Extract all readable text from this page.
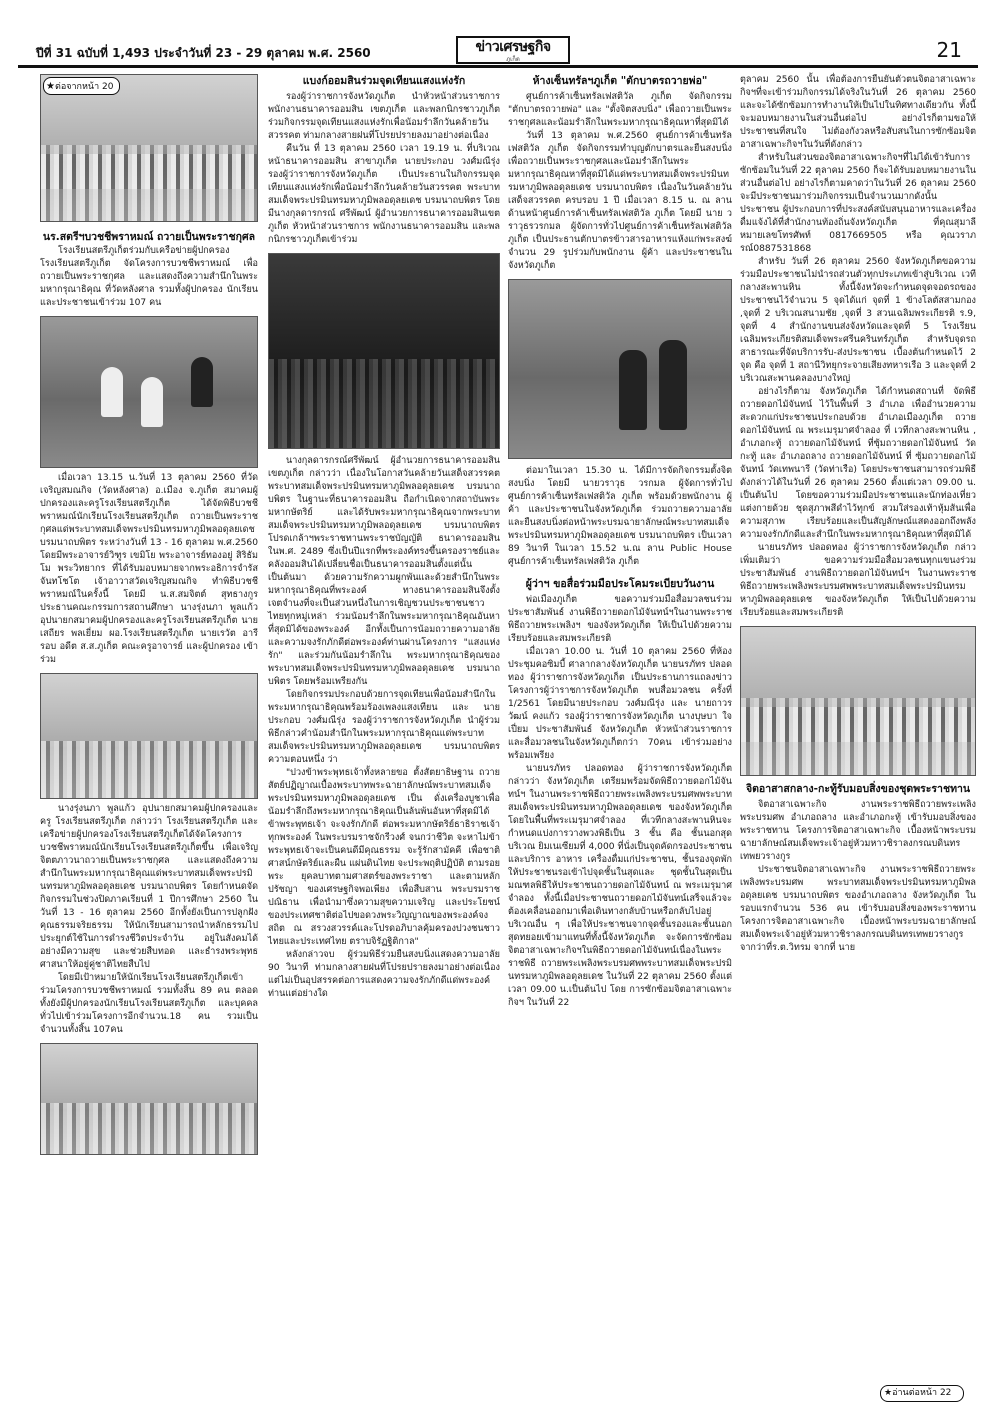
ปีที่ 31 ฉบับที่ 1,493 ประจำวันที่ 23 - 29 ตุลาคม พ.ศ. 2560	ข่าวเศรษฐกิจ
ภูเก็ต	21
★ต่อจากหน้า 20
นร.สตรีฯบวชชีพราหมณ์ ถวายเป็นพระราชกุศล

โรงเรียนสตรีภูเก็ตร่วมกับเครือข่ายผู้ปกครองโรงเรียนสตรีภูเก็ต จัดโครงการบวชชีพราหมณ์ เพื่อถวายเป็นพระราชกุศล และแสดงถึงความสำนึกในพระมหากรุณาธิคุณ ที่วัดหลังศาล รวมทั้งผู้ปกครอง นักเรียน และประชาชนเข้าร่วม 107 คน

เมื่อเวลา 13.15 น.วันที่ 13 ตุลาคม 2560 ที่วัดเจริญสมณกิจ (วัดหลังศาล) อ.เมือง จ.ภูเก็ต สมาคมผู้ปกครองและครูโรงเรียนสตรีภูเก็ต ได้จัดพิธีบวชชีพราหมณ์นักเรียนโรงเรียนสตรีภูเก็ต ถวายเป็นพระราชกุศลแด่พระบาทสมเด็จพระปรมินทรมหาภูมิพลอดุลยเดช บรมนาถบพิตร ระหว่างวันที่ 13 - 16 ตุลาคม พ.ศ.2560 โดยมีพระอาจารย์วิฑูร เขมิโย พระอาจารย์ทองอยู่ สิริธัมโม พระวิทยากร ที่ได้รับมอบหมายจากพระอธิการจำรัส จันทโชโต เจ้าอาวาสวัดเจริญสมณกิจ ทำพิธีบวชชีพราหมณ์ในครั้งนี้ โดยมี น.ส.สมจิตต์ สุทธางกูร ประธานคณะกรรมการสถานศึกษา นางรุ่งนภา พูลแก้ว อุปนายกสมาคมผู้ปกครองและครูโรงเรียนสตรีภูเก็ต นายเสถียร พลเยี่ยม ผอ.โรงเรียนสตรีภูเก็ต นายเรวัต อารีรอบ อดีต ส.ส.ภูเก็ต คณะครูอาจารย์ และผู้ปกครอง เข้าร่วม

นางรุ่งนภา พูลแก้ว อุปนายกสมาคมผู้ปกครองและครู โรงเรียนสตรีภูเก็ต กล่าวว่า โรงเรียนสตรีภูเก็ต และเครือข่ายผู้ปกครองโรงเรียนสตรีภูเก็ตได้จัดโครงการบวชชีพราหมณ์นักเรียนโรงเรียนสตรีภูเก็ตขึ้น เพื่อเจริญจิตตภาวนาถวายเป็นพระราชกุศล และแสดงถึงความสำนึกในพระมหากรุณาธิคุณแด่พระบาทสมเด็จพระปรมินทรมหาภูมิพลอดุลยเดช บรมนาถบพิตร โดยกำหนดจัดกิจกรรมในช่วงปิดภาคเรียนที่ 1 ปีการศึกษา 2560 ในวันที่ 13 - 16 ตุลาคม 2560 อีกทั้งยังเป็นการปลูกฝังคุณธรรมจริยธรรม ให้นักเรียนสามารถนำหลักธรรมไปประยุกต์ใช้ในการดำรงชีวิตประจำวัน อยู่ในสังคมได้อย่างมีความสุข และช่วยสืบทอด และธำรงพระพุทธศาสนาให้อยู่คู่ชาติไทยสืบไป

โดยมีเป้าหมายให้นักเรียนโรงเรียนสตรีภูเก็ตเข้าร่วมโครงการบวชชีพราหมณ์ รวมทั้งสิ้น 89 คน ตลอดทั้งยังมีผู้ปกครองนักเรียนโรงเรียนสตรีภูเก็ต และบุคคลทั่วไปเข้าร่วมโครงการอีกจำนวน.18 คน รวมเป็นจำนวนทั้งสิ้น 107คน

แบงก์ออมสินร่วมจุดเทียนแสงแห่งรัก

รองผู้ว่าราชการจังหวัดภูเก็ต นำหัวหน้าส่วนราชการ พนักงานธนาคารออมสิน เขตภูเก็ต และพลกนิกรชาวภูเก็ตร่วมกิจกรรมจุดเทียนแสงแห่งรักเพื่อน้อมรำลึกวันคล้ายวันสวรรคต ท่ามกลางสายฝนที่โปรยปรายลงมาอย่างต่อเนื่อง

คืนวัน ที่ 13 ตุลาคม 2560 เวลา 19.19 น. ที่บริเวณหน้าธนาคารออมสิน สาขาภูเก็ต นายประกอบ วงศ์มณีรุ่ง รองผู้ว่าราชการจังหวัดภูเก็ต เป็นประธานในกิจกรรมจุดเทียนแสงแห่งรักเพื่อน้อมรำลึกวันคล้ายวันสวรรคต พระบาทสมเด็จพระปรมินทรมหาภูมิพลอดุลยเดช บรมนาถบพิตร โดยมีนางกุลดารกรณ์ ศรีพัฒน์ ผู้อำนวยการธนาคารออมสินเขตภูเก็ต หัวหน้าส่วนราชการ พนักงานธนาคารออมสิน และพลกนิกรชาวภูเก็ตเข้าร่วม

นางกุลดารกรณ์ศรีพัฒน์ ผู้อำนวยการธนาคารออมสินเขตภูเก็ต กล่าวว่า เนื่องในโอกาสวันคล้ายวันเสด็จสวรรคตพระบาทสมเด็จพระปรมินทรมหาภูมิพลอดุลยเดช บรมนาถบพิตร ในฐานะที่ธนาคารออมสิน ถือกำเนิดจากสถาบันพระมหากษัตริย์ และได้รับพระมหากรุณาธิคุณจากพระบาทสมเด็จพระปรมินทรมหาภูมิพลอดุลยเดช บรมนาถบพิตรโปรดเกล้าฯพระราชทานพระราชบัญญัติ ธนาคารออมสิน ในพ.ศ. 2489 ซึ่งเป็นปีแรกที่พระองค์ทรงขึ้นครองราชย์และคลังออมสินได้เปลี่ยนชื่อเป็นธนาคารออมสินตั้งแต่นั้น เป็นต้นมา ด้วยความรักความผูกพันและด้วยสำนึกในพระมหากรุณาธิคุณที่พระองค์ ทางธนาคารออมสินจึงตั้งเจตจำนงที่จะเป็นส่วนหนึ่งในการเชิญชวนประชาชนชาวไทยทุกหมู่เหล่า ร่วมน้อมรำลึกในพระมหากรุณาธิคุณอันหาที่สุดมิได้ของพระองค์ อีกทั้งเป็นการน้อมถวายความอาลัย และความจงรักภักดีต่อพระองค์ท่านผ่านโครงการ "แสงแห่งรัก" และร่วมกันน้อมรำลึกใน พระมหากรุณาธิคุณของพระบาทสมเด็จพระปรมินทรมหาภูมิพลอดุลยเดช บรมนาถบพิตร โดยพร้อมเพรียงกัน

โดยกิจกรรมประกอบด้วยการจุดเทียนเพื่อน้อมสำนึกในพระมหากรุณาธิคุณพร้อมร้องเพลงแสงเทียน และ นายประกอบ วงศ์มณีรุ่ง รองผู้ว่าราชการจังหวัดภูเก็ต นำผู้ร่วมพิธีกล่าวคำน้อมสำนึกในพระมหากรุณาธิคุณแด่พระบาทสมเด็จพระปรมินทรมหาภูมิพลอดุลยเดช บรมนาถบพิตร ความตอนหนึ่ง ว่า

"ปวงข้าพระพุทธเจ้าทั้งหลายขอ ตั้งสัตยาธิษฐาน ถวายสัตย์ปฏิญาณเบื้องพระบาทพระฉายาลักษณ์พระบาทสมเด็จ พระปรมินทรมหาภูมิพลอดุลยเดช เป็น ดั่งเครื่องบูชาเพื่อน้อมรำลึกถึงพระมหากรุณาธิคุณเป็นล้นพ้นอันหาที่สุดมิได้ ข้าพระพุทธเจ้า จะจงรักภักดี ต่อพระมหากษัตริย์ธาธิราชเจ้า ทุกพระองค์ ในพระบรมราชจักรีวงศ์ จนกว่าชีวิต จะหาไม่ข้าพระพุทธเจ้าจะเป็นคนดีมีคุณธรรม จะรู้รักสามัคคี เพื่อชาติศาสน์กษัตริย์และผืน แผ่นดินไทย จะประพฤติปฏิบัติ ตามรอยพระ ยุคลบาทตามศาสตร์ของพระราชา และตามหลัก ปรัชญา ของเศรษฐกิจพอเพียง เพื่อสืบสาน พระบรมราชปณิธาน เพื่อนำมาซึ่งความสุขความเจริญ และประโยชน์ของประเทศชาติต่อไปขอดวงพระวิญญาณของพระองค์จงสถิต ณ สรวงสวรรค์และโปรดอภิบาลคุ้มครองปวงชนชาวไทยและประเทศไทย ตราบจิรัฏฐิติกาล"

หลังกล่าวจบ ผู้ร่วมพิธีร่วมยืนสงบนิ่งแสดงความอาลัย 90 วินาที ท่ามกลางสายฝนที่โปรยปรายลงมาอย่างต่อเนื่องแต่ไม่เป็นอุปสรรคต่อการแสดงความจงรักภักดีแด่พระองค์ท่านแต่อย่างใด

ห้างเซ็นทรัลฯภูเก็ต "ตักบาตรถวายพ่อ"

ศูนย์การค้าเซ็นทรัลเฟสติวัล ภูเก็ต จัดกิจกรรม "ตักบาตรถวายพ่อ" และ "ตั้งจิตสงบนิ่ง" เพื่อถวายเป็นพระราชกุศลและน้อมรำลึกในพระมหากรุณาธิคุณหาที่สุดมิได้

วันที่ 13 ตุลาคม พ.ศ.2560 ศูนย์การค้าเซ็นทรัลเฟสติวัล ภูเก็ต จัดกิจกรรมทำบุญตักบาตรและยืนสงบนิ่งเพื่อถวายเป็นพระราชกุศลและน้อมรำลึกในพระมหากรุณาธิคุณหาที่สุดมิได้แด่พระบาทสมเด็จพระปรมินทรมหาภูมิพลอดุลยเดช บรมนาถบพิตร เนื่องในวันคล้ายวันเสด็จสวรรคต ครบรอบ 1 ปี เมื่อเวลา 8.15 น. ณ ลานด้านหน้าศูนย์การค้าเซ็นทรัลเฟสติวัล ภูเก็ต โดยมี นาย วราวุธรวรกมล ผู้จัดการทั่วไปศูนย์การค้าเซ็นทรัลเฟสติวัล ภูเก็ต เป็นประธานตักบาตรข้าวสารอาหารแห้งแก่พระสงฆ์จำนวน 29 รูปร่วมกับพนักงาน ผู้ค้า และประชาชนในจังหวัดภูเก็ต

ต่อมาในเวลา 15.30 น. ได้มีการจัดกิจกรรมตั้งจิตสงบนิ่ง โดยมี นายวราวุธ วรกมล ผู้จัดการทั่วไป ศูนย์การค้าเซ็นทรัลเฟสติวัล ภูเก็ต พร้อมด้วยพนักงาน ผู้ค้า และประชาชนในจังหวัดภูเก็ต ร่วมถวายความอาลัย และยืนสงบนิ่งต่อหน้าพระบรมฉายาลักษณ์พระบาทสมเด็จพระปรมินทรมหาภูมิพลอดุลยเดช บรมนาถบพิตร เป็นเวลา 89 วินาที ในเวลา 15.52 น.ณ ลาน Public House ศูนย์การค้าเซ็นทรัลเฟสติวัล ภูเก็ต

ผู้ว่าฯ ขอสื่อร่วมมือประโคมระเบียบวันงาน

พ่อเมืองภูเก็ต ขอความร่วมมือสื่อมวลชนร่วมประชาสัมพันธ์ งานพิธีถวายดอกไม้จันทน์ฯในงานพระราชพิธีถวายพระเพลิงฯ ของจังหวัดภูเก็ต ให้เป็นไปด้วยความเรียบร้อยและสมพระเกียรติ

เมื่อเวลา 10.00 น. วันที่ 10 ตุลาคม 2560 ที่ห้องประชุมคอซิมบี้ ศาลากลางจังหวัดภูเก็ต นายนรภัทร ปลอดทอง ผู้ว่าราชการจังหวัดภูเก็ต เป็นประธานการแถลงข่าวโครงการผู้ว่าราชการจังหวัดภูเก็ต พบสื่อมวลชน ครั้งที่ 1/2561 โดยมีนายประกอบ วงศ์มณีรุ่ง และ นายถาวรวัฒน์ คงแก้ว รองผู้ว่าราชการจังหวัดภูเก็ต นางบุษบา ใจเปี่ยม ประชาสัมพันธ์ จังหวัดภูเก็ต หัวหน้าส่วนราชการและสื่อมวลชนในจังหวัดภูเก็ตกว่า 70คน เข้าร่วมอย่างพร้อมเพรียง

นายนรภัทร ปลอดทอง ผู้ว่าราชการจังหวัดภูเก็ต กล่าวว่า จังหวัดภูเก็ต เตรียมพร้อมจัดพิธีถวายดอกไม้จันทน์ฯ ในงานพระราชพิธีถวายพระเพลิงพระบรมศพพระบาทสมเด็จพระปรมินทรมหาภูมิพลอดุลยเดช ของจังหวัดภูเก็ต โดยในพื้นที่พระเมรุมาศจำลอง ที่เวทีกลางสะพานหินจะกำหนดแบ่งการวางพวงพิธีเป็น 3 ชั้น คือ ชั้นนอกสุดบริเวณ ยิมเนเซียมที่ 4,000 ที่นั่งเป็นจุดคัดกรองประชาชนและบริการ อาหาร เครื่องดื่มแก่ประชาชน, ชั้นรองจุดพักให้ประชาชนรอเข้าไปจุดชั้นในสุดและ ชุดชั้นในสุดเป็นมณฑลพิธีให้ประชาชนถวายดอกไม้จันทน์ ณ พระเมรุมาศจำลอง ทั้งนี้เมื่อประชาชนถวายดอกไม้จันทน์เสร็จแล้วจะต้องเคลื่อนออกมาเพื่อเดินทางกลับบ้านหรือกลับไปอยู่บริเวณอื่น ๆ เพื่อให้ประชาชนจากจุดชั้นรองและชั้นนอกสุดทยอยเข้ามาแทนที่ทั้งนี้จังหวัดภูเก็ต จะจัดการซักซ้อมจิตอาสาเฉพาะกิจฯในพิธีถวายดอกไม้จันทน์เนื่องในพระราชพิธี ถวายพระเพลิงพระบรมศพพระบาทสมเด็จพระปรมินทรมหาภูมิพลอดุลยเดช ในวันที่ 22 ตุลาคม 2560 ตั้งแต่เวลา 09.00 น.เป็นต้นไป โดย การซักซ้อมจิตอาสาเฉพาะกิจฯ ในวันที่ 22

ตุลาคม 2560 นั้น เพื่อต้องการยืนยันตัวตนจิตอาสาเฉพาะกิจฯที่จะเข้าร่วมกิจกรรมได้จริงในวันที่ 26 ตุลาคม 2560 และจะได้ซักซ้อมการทำงานให้เป็นไปในทิศทางเดียวกัน ทั้งนี้จะมอบหมายงานในส่วนอื่นต่อไป อย่างไรก็ตามขอให้ประชาชนที่สนใจ ไม่ต้องกังวลหรือสับสนในการซักซ้อมจิตอาสาเฉพาะกิจฯในวันที่ดังกล่าว

สำหรับในส่วนของจิตอาสาเฉพาะกิจฯที่ไม่ได้เข้ารับการซักซ้อมในวันที่ 22 ตุลาคม 2560 ก็จะได้รับมอบหมายงานในส่วนอื่นต่อไป อย่างไรก็ตามคาดว่าในวันที่ 26 ตุลาคม 2560 จะมีประชาชนมาร่วมกิจกรรมเป็นจำนวนมากดังนั้นประชาชน ผู้ประกอบการที่ประสงค์สนับสนุนอาหารและเครื่องดื่มแจ้งได้ที่สำนักงานท้องถิ่นจังหวัดภูเก็ต ที่คุณสุมาลี หมายเลขโทรศัพท์ 0817669505 หรือ คุณวราภรณ์0887531868

สำหรับ วันที่ 26 ตุลาคม 2560 จังหวัดภูเก็ตขอความร่วมมือประชาชนไม่นำรถส่วนตัวทุกประเภทเข้าสู่บริเวณ เวทีกลางสะพานหิน ทั้งนี้จังหวัดจะกำหนดจุดจอดรถของประชาชนไว้จำนวน 5 จุดได้แก่ จุดที่ 1 ข้างโลตัสสามกอง ,จุดที่ 2 บริเวณสนามชัย ,จุดที่ 3 สวนเฉลิมพระเกียรติ ร.9, จุดที่ 4 สำนักงานขนส่งจังหวัดและจุดที่ 5 โรงเรียนเฉลิมพระเกียรติสมเด็จพระศรีนครินทร์ภูเก็ต สำหรับจุดรถสาธารณะที่จัดบริการรับ-ส่งประชาชน เบื้องต้นกำหนดไว้ 2 จุด คือ จุดที่ 1 สถานีวิทยุกระจายเสียงทหารเรือ 3 และจุดที่ 2 บริเวณสะพานคลองบางใหญ่

อย่างไรก็ตาม จังหวัดภูเก็ต ได้กำหนดสถานที่ จัดพิธีถวายดอกไม้จันทน์ ไว้ในพื้นที่ 3 อำเภอ เพื่ออำนวยความสะดวกแก่ประชาชนประกอบด้วย อำเภอเมืองภูเก็ต ถวายดอกไม้จันทน์ ณ พระเมรุมาศจำลอง ที่ เวทีกลางสะพานหิน , อำเภอกะทู้ ถวายดอกไม้จันทน์ ที่ซุ้มถวายดอกไม้จันทน์ วัดกะทู้ และ อำเภอถลาง ถวายดอกไม้จันทน์ ที่ ซุ้มถวายดอกไม้จันทน์ วัดเทพนารี (วัดท่าเรือ) โดยประชาชนสามารถร่วมพิธีดังกล่าวได้ในวันที่ 26 ตุลาคม 2560 ตั้งแต่เวลา 09.00 น. เป็นต้นไป โดยขอความร่วมมือประชาชนและนักท่องเที่ยวแต่งกายด้วย ชุดสุภาพสีดำไว้ทุกข์ สวมใส่รองเท้าหุ้มส้นเพื่อความสุภาพ เรียบร้อยและเป็นสัญลักษณ์แสดงออกถึงพลังความจงรักภักดีและสำนึกในพระมหากรุณาธิคุณหาที่สุดมิได้

นายนรภัทร ปลอดทอง ผู้ว่าราชการจังหวัดภูเก็ต กล่าวเพิ่มเติมว่า ขอความร่วมมือสื่อมวลชนทุกแขนงร่วมประชาสัมพันธ์ งานพิธีถวายดอกไม้จันทน์ฯ ในงานพระราชพิธีถวายพระเพลิงพระบรมศพพระบาทสมเด็จพระปรมินทรมหาภูมิพลอดุลยเดช ของจังหวัดภูเก็ต ให้เป็นไปด้วยความเรียบร้อยและสมพระเกียรติ

จิตอาสาสกลาง-กะทู้รับมอบสิ่งของชุดพระราชทาน

จิตอาสาเฉพาะกิจ งานพระราชพิธีถวายพระเพลิงพระบรมศพ อำเภอถลาง และอำเภอกะทู้ เข้ารับมอบสิ่งของพระราชทาน โครงการจิตอาสาเฉพาะกิจ เบื้องหน้าพระบรมฉายาลักษณ์สมเด็จพระเจ้าอยู่หัวมหาวชิราลงกรณบดินทรเทพยวรางกูร

ประชาชนจิตอาสาเฉพาะกิจ งานพระราชพิธีถวายพระเพลิงพระบรมศพ พระบาทสมเด็จพระปรมินทรมหาภูมิพลอดุลยเดช บรมนาถบพิตร ของอำเภอถลาง จังหวัดภูเก็ต ในรอบแรกจำนวน 536 คน เข้ารับมอบสิ่งของพระราชทาน โครงการจิตอาสาเฉพาะกิจ เบื้องหน้าพระบรมฉายาลักษณ์สมเด็จพระเจ้าอยู่หัวมหาวชิราลงกรณบดินทรเทพยวรางกูร จากว่าที่ร.ต.วิทรม จากที่ นาย

★อ่านต่อหน้า 22
